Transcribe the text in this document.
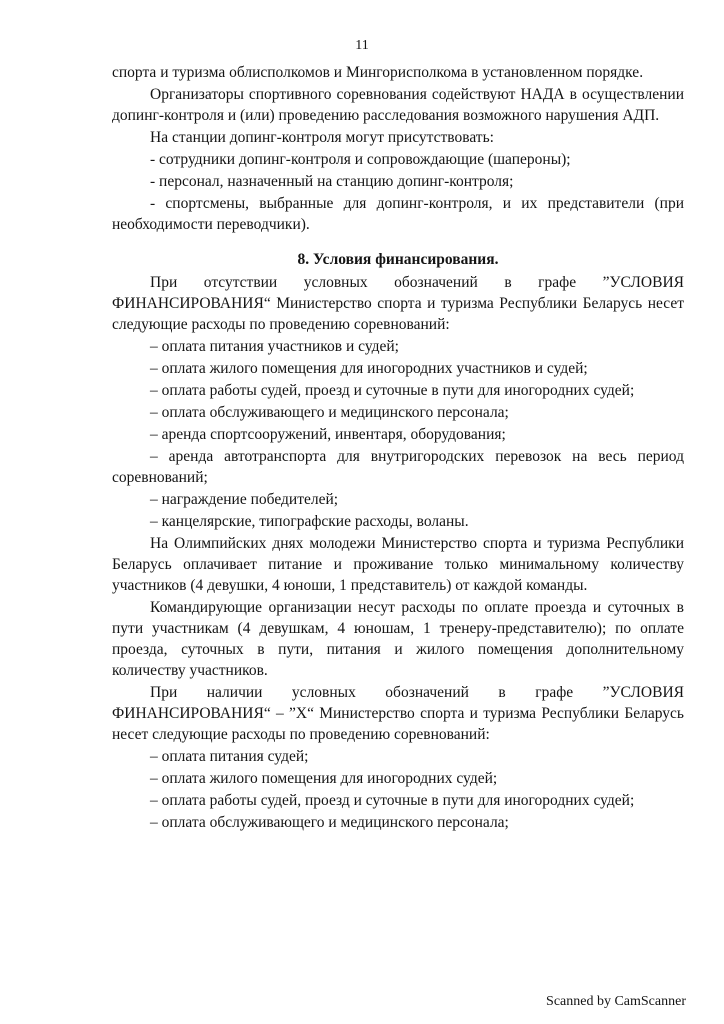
11

спорта и туризма облисполкомов и Мингорисполкома в установленном порядке.

Организаторы спортивного соревнования содействуют НАДА в осуществлении допинг-контроля и (или) проведению расследования возможного нарушения АДП.

На станции допинг-контроля могут присутствовать:

- сотрудники допинг-контроля и сопровождающие (шапероны);

- персонал, назначенный на станцию допинг-контроля;

- спортсмены, выбранные для допинг-контроля, и их представители (при необходимости переводчики).

8. Условия финансирования.

При отсутствии условных обозначений в графе ”УСЛОВИЯ ФИНАНСИРОВАНИЯ“ Министерство спорта и туризма Республики Беларусь несет следующие расходы по проведению соревнований:

– оплата питания участников и судей;

– оплата жилого помещения для иногородних участников и судей;

– оплата работы судей, проезд и суточные в пути для иногородних судей;

– оплата обслуживающего и медицинского персонала;

– аренда спортсооружений, инвентаря, оборудования;

– аренда автотранспорта для внутригородских перевозок на весь период соревнований;

– награждение победителей;

– канцелярские, типографские расходы, воланы.

На Олимпийских днях молодежи Министерство спорта и туризма Республики Беларусь оплачивает питание и проживание только минимальному количеству участников (4 девушки, 4 юноши, 1 представитель) от каждой команды.

Командирующие организации несут расходы по оплате проезда и суточных в пути участникам (4 девушкам, 4 юношам, 1 тренеру-представителю); по оплате проезда, суточных в пути, питания и жилого помещения дополнительному количеству участников.

При наличии условных обозначений в графе ”УСЛОВИЯ ФИНАНСИРОВАНИЯ“ – ”Х“ Министерство спорта и туризма Республики Беларусь несет следующие расходы по проведению соревнований:

– оплата питания судей;

– оплата жилого помещения для иногородних судей;

– оплата работы судей, проезд и суточные в пути для иногородних судей;

– оплата обслуживающего и медицинского персонала;

Scanned by CamScanner
